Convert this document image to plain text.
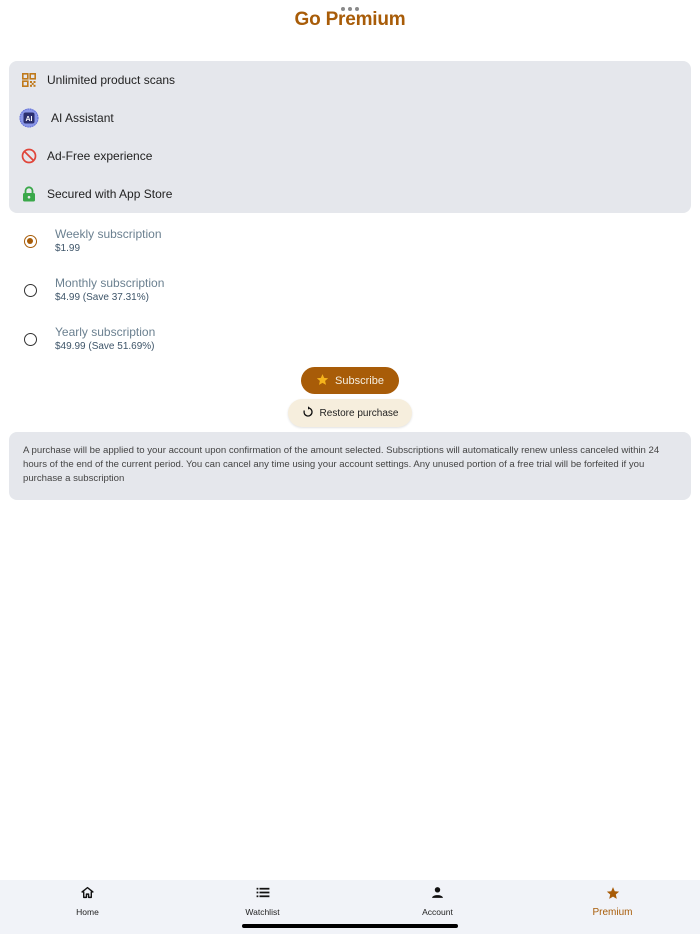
Go Premium
Unlimited product scans
AI AI Assistant
Ad-Free experience
Secured with App Store
Weekly subscription
$1.99
Monthly subscription
$4.99 (Save 37.31%)
Yearly subscription
$49.99 (Save 51.69%)
Subscribe
Restore purchase
A purchase will be applied to your account upon confirmation of the amount selected. Subscriptions will automatically renew unless canceled within 24 hours of the end of the current period. You can cancel any time using your account settings. Any unused portion of a free trial will be forfeited if you purchase a subscription
Home	Watchlist	Account	Premium
